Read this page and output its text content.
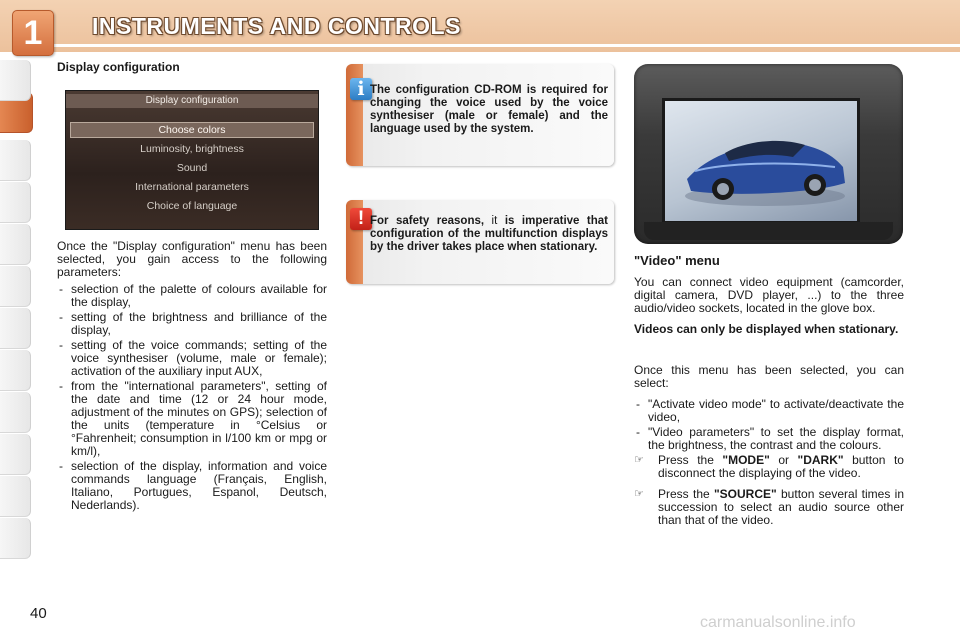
1	INSTRUMENTS AND CONTROLS
40
Display configuration
Display configuration
Choose colors
Luminosity, brightness
Sound
International parameters
Choice of language
Once the "Display configuration" menu has been selected, you gain access to the following parameters:
- selection of the palette of colours available for the display,
- setting of the brightness and brilliance of the display,
- setting of the voice commands; setting of the voice synthesiser (volume, male or female); activation of the auxiliary input AUX,
- from the "international parameters", setting of the date and time (12 or 24 hour mode, adjustment of the minutes on GPS); selection of the units (temperature in °Celsius or °Fahrenheit; consumption in l/100 km or mpg or km/l),
- selection of the display, information and voice commands language (Français, English, Italiano, Portugues, Espanol, Deutsch, Nederlands).
i The configuration CD-ROM is required for changing the voice used by the voice synthesiser (male or female) and the language used by the system.
! For safety reasons, it is imperative that configuration of the multifunction displays by the driver takes place when stationary.
"Video" menu

You can connect video equipment (camcorder, digital camera, DVD player, ...) to the three audio/video sockets, located in the glove box.

Videos can only be displayed when stationary.

Once this menu has been selected, you can select:

- "Activate video mode" to activate/deactivate the video,
- "Video parameters" to set the display format, the brightness, the contrast and the colours.
☞ Press the "MODE" or "DARK" button to disconnect the displaying of the video.
☞ Press the "SOURCE" button several times in succession to select an audio source other than that of the video.
carmanualsonline.info
